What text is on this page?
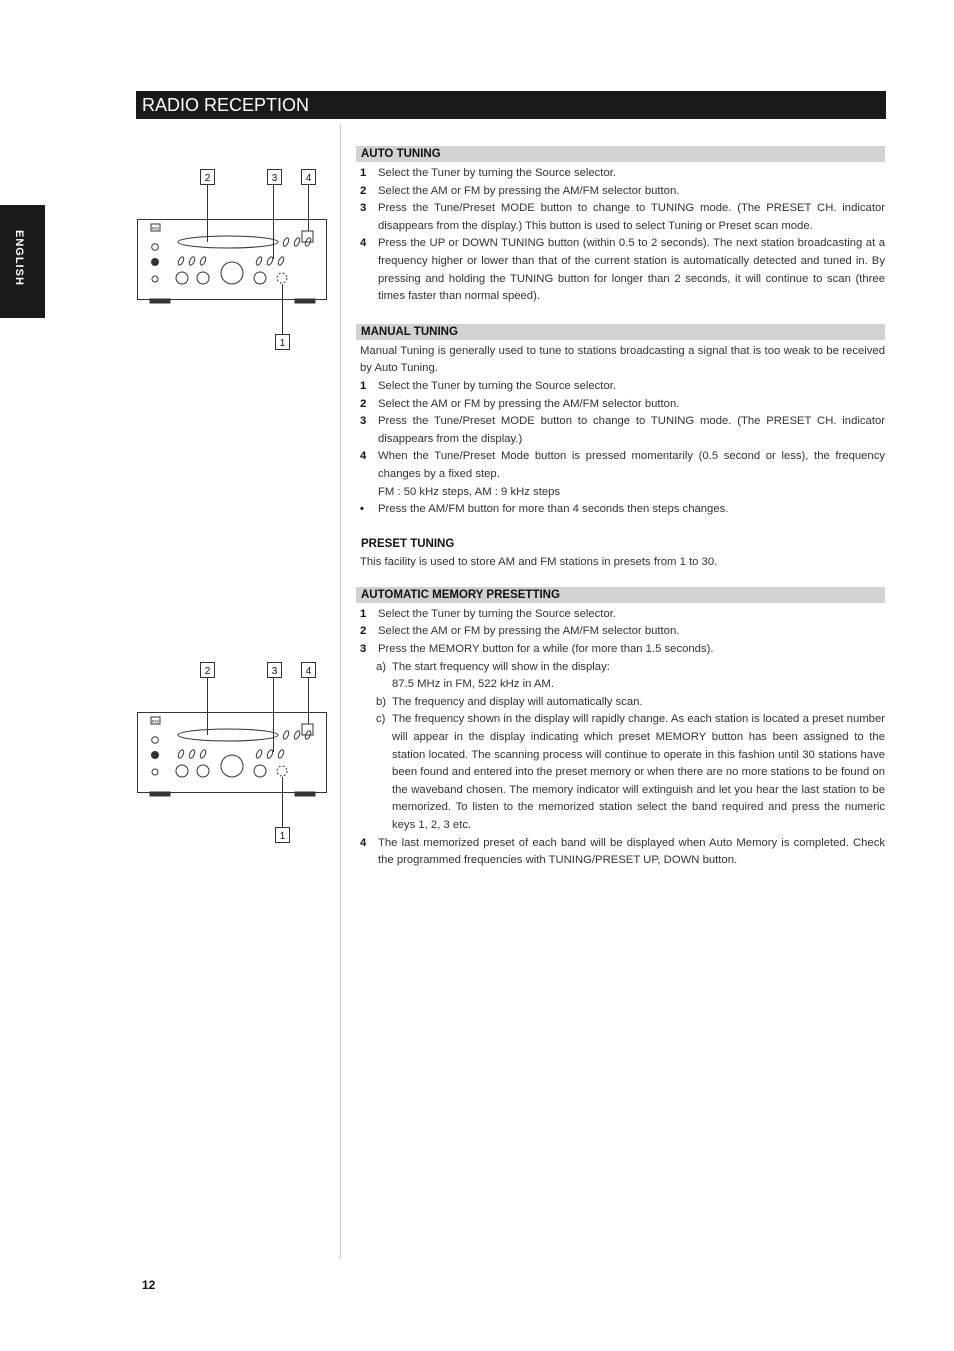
RADIO RECEPTION
ENGLISH
2	3	4
1
NAD
2	3	4
1
NAD
AUTO TUNING
1	Select the Tuner by turning the Source selector.
2	Select the AM or FM by pressing the AM/FM selector button.
3	Press the Tune/Preset MODE button to change to TUNING mode. (The PRESET CH. indicator disappears from the display.) This button is used to select Tuning or Preset scan mode.
4	Press the UP or DOWN TUNING button (within 0.5 to 2 seconds). The next station broadcasting at a frequency higher or lower than that of the current station is automatically detected and tuned in. By pressing and holding the TUNING button for longer than 2 seconds, it will continue to scan (three times faster than normal speed).
MANUAL TUNING
Manual Tuning is generally used to tune to stations broadcasting a signal that is too weak to be received by Auto Tuning.
1	Select the Tuner by turning the Source selector.
2	Select the AM or FM by pressing the AM/FM selector button.
3	Press the Tune/Preset MODE button to change to TUNING mode. (The PRESET CH. indicator disappears from the display.)
4	When the Tune/Preset Mode button is pressed momentarily (0.5 second or less), the frequency changes by a fixed step.
FM : 50 kHz steps, AM : 9 kHz steps
•	Press the AM/FM button for more than 4 seconds then steps changes.
PRESET TUNING
This facility is used to store AM and FM stations in presets from 1 to 30.
AUTOMATIC MEMORY PRESETTING
1	Select the Tuner by turning the Source selector.
2	Select the AM or FM by pressing the AM/FM selector button.
3	Press the MEMORY button for a while (for more than 1.5 seconds).
a) The start frequency will show in the display:
87.5 MHz in FM, 522 kHz in AM.
b) The frequency and display will automatically scan.
c) The frequency shown in the display will rapidly change. As each station is located a preset number will appear in the display indicating which preset MEMORY button has been assigned to the station located. The scanning process will continue to operate in this fashion until 30 stations have been found and entered into the preset memory or when there are no more stations to be found on the waveband chosen. The memory indicator will extinguish and let you hear the last station to be memorized. To listen to the memorized station select the band required and press the numeric keys 1, 2, 3 etc.
4	The last memorized preset of each band will be displayed when Auto Memory is completed. Check the programmed frequencies with TUNING/PRESET UP, DOWN button.
12
